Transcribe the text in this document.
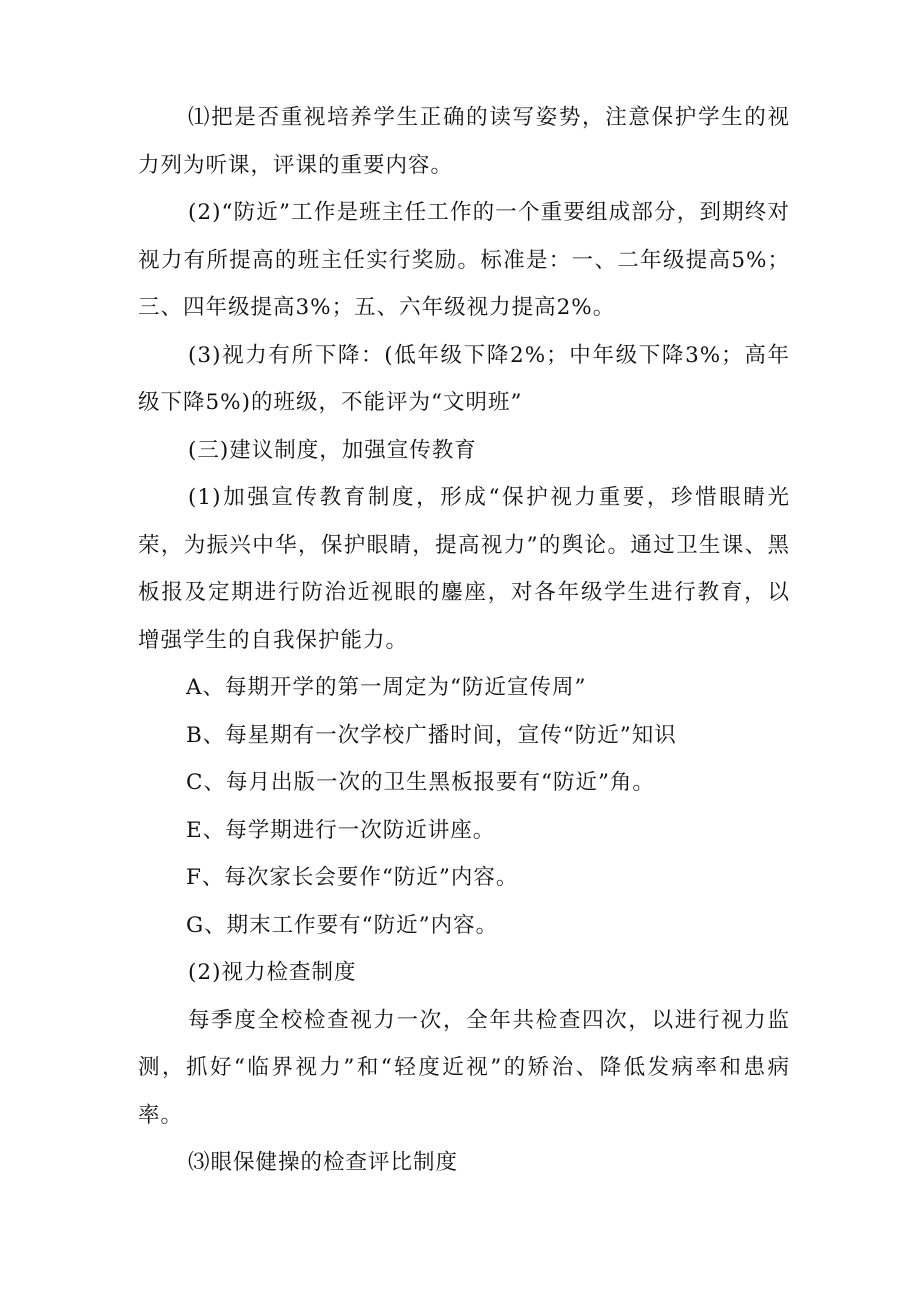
⑴把是否重视培养学生正确的读写姿势，注意保护学生的视力列为听课，评课的重要内容。

(2)“防近”工作是班主任工作的一个重要组成部分，到期终对视力有所提高的班主任实行奖励。标准是：一、二年级提高5%；三、四年级提高3%；五、六年级视力提高2%。

(3)视力有所下降：(低年级下降2%；中年级下降3%；高年级下降5%)的班级，不能评为“文明班”

(三)建议制度，加强宣传教育

(1)加强宣传教育制度，形成“保护视力重要，珍惜眼睛光荣，为振兴中华，保护眼睛，提高视力”的舆论。通过卫生课、黑板报及定期进行防治近视眼的鏖座，对各年级学生进行教育，以增强学生的自我保护能力。

A、每期开学的第一周定为“防近宣传周”

B、每星期有一次学校广播时间，宣传“防近”知识

C、每月出版一次的卫生黑板报要有“防近”角。

E、每学期进行一次防近讲座。

F、每次家长会要作“防近”内容。

G、期末工作要有“防近”内容。

(2)视力检查制度

每季度全校检查视力一次，全年共检查四次，以进行视力监测，抓好“临界视力”和“轻度近视”的矫治、降低发病率和患病率。

⑶眼保健操的检查评比制度
